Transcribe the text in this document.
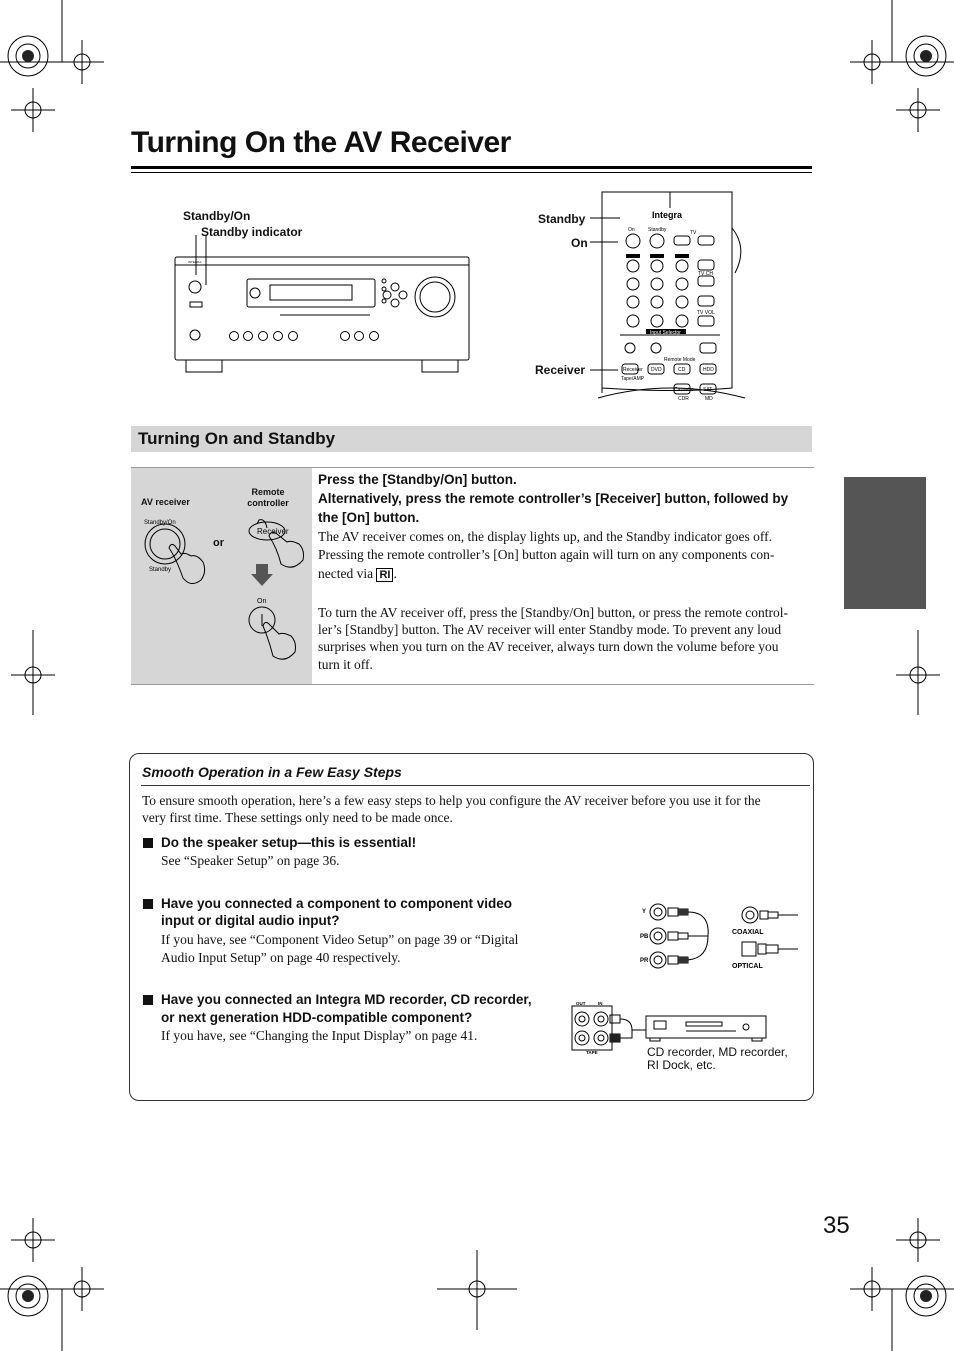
Turning On the AV Receiver
Standby/On
Standby indicator
Standby
On
Receiver
INTEGRA
Integra
On	Standby	TV
TV CH
TV VOL
Input Selector
Remote Mode
Receiver DVD	CD	HDD
Tape/AMP
Cassette SAT
CDR	MD
Turning On and Standby
AV receiver
Remote controller
or
Standby/On
Standby
Receiver
On
Press the [Standby/On] button.
Alternatively, press the remote controller’s [Receiver] button, followed by
the [On] button.
The AV receiver comes on, the display lights up, and the Standby indicator goes off.
Pressing the remote controller’s [On] button again will turn on any components con-
nected via RI .
To turn the AV receiver off, press the [Standby/On] button, or press the remote control-
ler’s [Standby] button. The AV receiver will enter Standby mode. To prevent any loud
surprises when you turn on the AV receiver, always turn down the volume before you
turn it off.
Smooth Operation in a Few Easy Steps
To ensure smooth operation, here’s a few easy steps to help you configure the AV receiver before you use it for the
very first time. These settings only need to be made once.
Do the speaker setup—this is essential!
See “Speaker Setup” on page 36.
Have you connected a component to component video
input or digital audio input?
If you have, see “Component Video Setup” on page 39 or “Digital
Audio Input Setup” on page 40 respectively.
Have you connected an Integra MD recorder, CD recorder,
or next generation HDD-compatible component?
If you have, see “Changing the Input Display” on page 41.
Y
PB
PR
COAXIAL
OPTICAL
OUT	IN
TAPE	CD recorder, MD recorder,
RI Dock, etc.
35
